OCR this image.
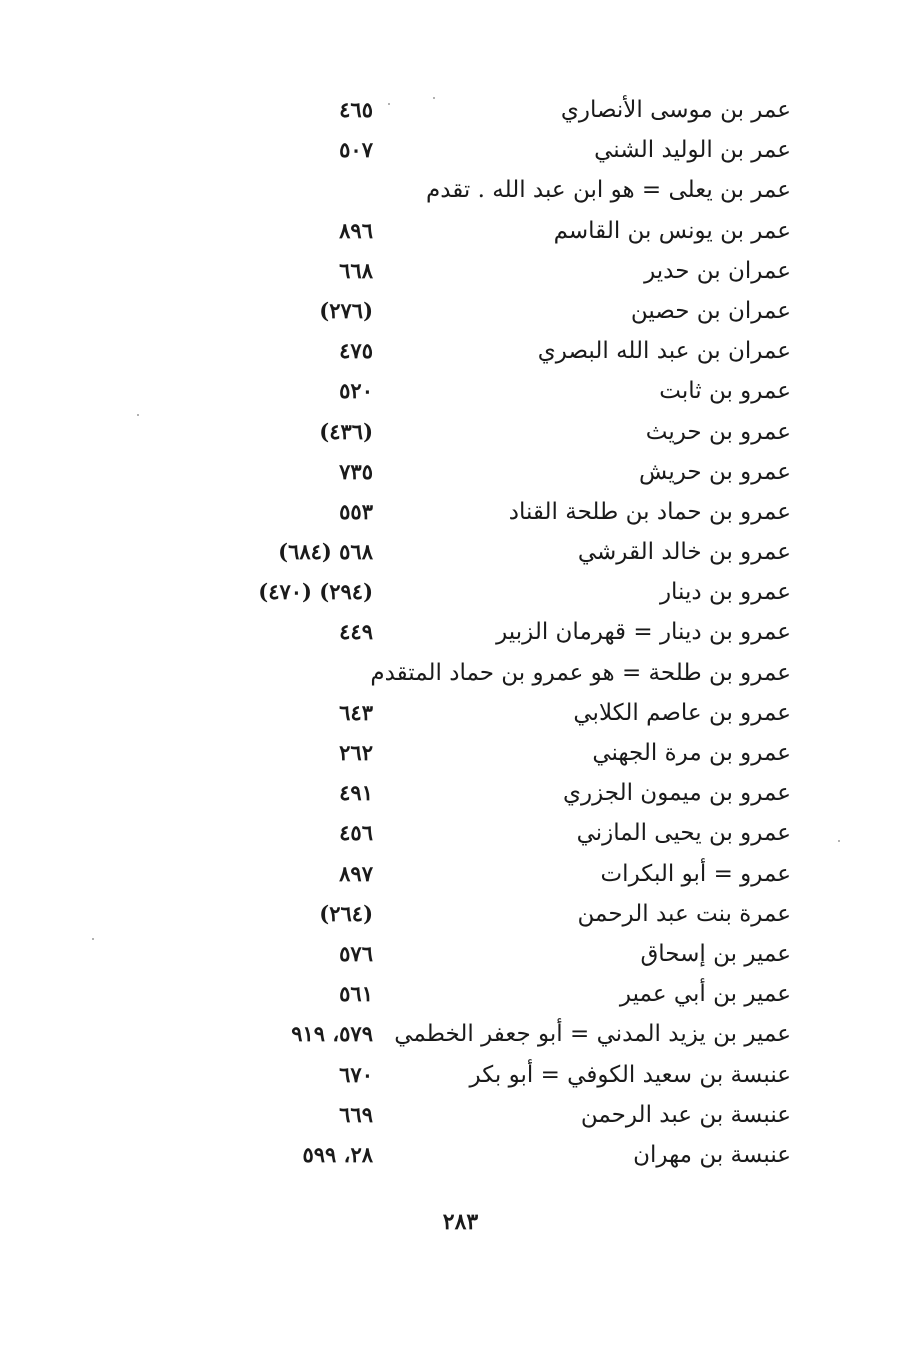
عمر بن موسى الأنصاري
٤٦٥
عمر بن الوليد الشني
٥٠٧
عمر بن يعلى = هو ابن عبد الله . تقدم
عمر بن يونس بن القاسم
٨٩٦
عمران بن حدير
٦٦٨
عمران بن حصين
(٢٧٦)
عمران بن عبد الله البصري
٤٧٥
عمرو بن ثابت
٥٢٠
عمرو بن حريث
(٤٣٦)
عمرو بن حريش
٧٣٥
عمرو بن حماد بن طلحة القناد
٥٥٣
عمرو بن خالد القرشي
٥٦٨ (٦٨٤)
عمرو بن دينار
(٢٩٤) (٤٧٠)
عمرو بن دينار = قهرمان الزبير
٤٤٩
عمرو بن طلحة = هو عمرو بن حماد المتقدم
عمرو بن عاصم الكلابي
٦٤٣
عمرو بن مرة الجهني
٢٦٢
عمرو بن ميمون الجزري
٤٩١
عمرو بن يحيى المازني
٤٥٦
عمرو = أبو البكرات
٨٩٧
عمرة بنت عبد الرحمن
(٢٦٤)
عمير بن إسحاق
٥٧٦
عمير بن أبي عمير
٥٦١
عمير بن يزيد المدني = أبو جعفر الخطمي
٥٧٩، ٩١٩
عنبسة بن سعيد الكوفي = أبو بكر
٦٧٠
عنبسة بن عبد الرحمن
٦٦٩
عنبسة بن مهران
٢٨، ٥٩٩
٢٨٣
